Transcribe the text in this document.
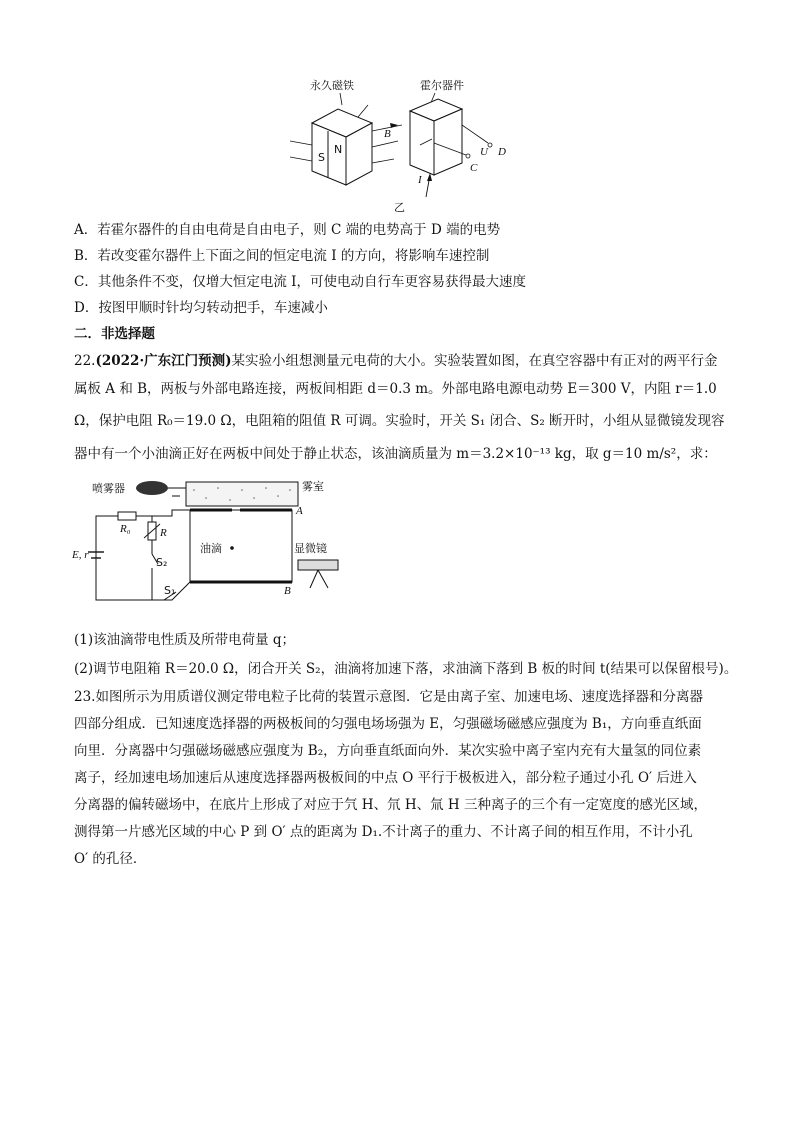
永久磁铁	霍尔器件
S
N
B
U D
C
I
乙
A．若霍尔器件的自由电荷是自由电子，则 C 端的电势高于 D 端的电势
B．若改变霍尔器件上下面之间的恒定电流 I 的方向，将影响车速控制
C．其他条件不变，仅增大恒定电流 I，可使电动自行车更容易获得最大速度
D．按图甲顺时针均匀转动把手，车速减小
二．非选择题
22.(2022·广东江门预测)某实验小组想测量元电荷的大小。实验装置如图，在真空容器中有正对的两平行金
属板 A 和 B，两板与外部电路连接，两板间相距 d＝0.3 m。外部电路电源电动势 E＝300 V，内阻 r＝1.0
Ω，保护电阻 R₀＝19.0 Ω，电阻箱的阻值 R 可调。实验时，开关 S₁ 闭合、S₂ 断开时，小组从显微镜发现容
器中有一个小油滴正好在两板中间处于静止状态，该油滴质量为 m＝3.2×10⁻¹³ kg，取 g＝10 m/s²，求：
喷雾器	雾室
A
B
油滴	显微镜
R₀	R
S₂
S₁
E, r
(1)该油滴带电性质及所带电荷量 q；
(2)调节电阻箱 R＝20.0 Ω，闭合开关 S₂，油滴将加速下落，求油滴下落到 B 板的时间 t(结果可以保留根号)。
23.如图所示为用质谱仪测定带电粒子比荷的装置示意图．它是由离子室、加速电场、速度选择器和分离器
四部分组成．已知速度选择器的两极板间的匀强电场场强为 E，匀强磁场磁感应强度为 B₁，方向垂直纸面
向里．分离器中匀强磁场磁感应强度为 B₂，方向垂直纸面向外．某次实验中离子室内充有大量氢的同位素
离子，经加速电场加速后从速度选择器两极板间的中点 O 平行于极板进入，部分粒子通过小孔 O′ 后进入
分离器的偏转磁场中，在底片上形成了对应于氕 H、氘 H、氚 H 三种离子的三个有一定宽度的感光区域，
测得第一片感光区域的中心 P 到 O′ 点的距离为 D₁.不计离子的重力、不计离子间的相互作用，不计小孔
O′ 的孔径．
